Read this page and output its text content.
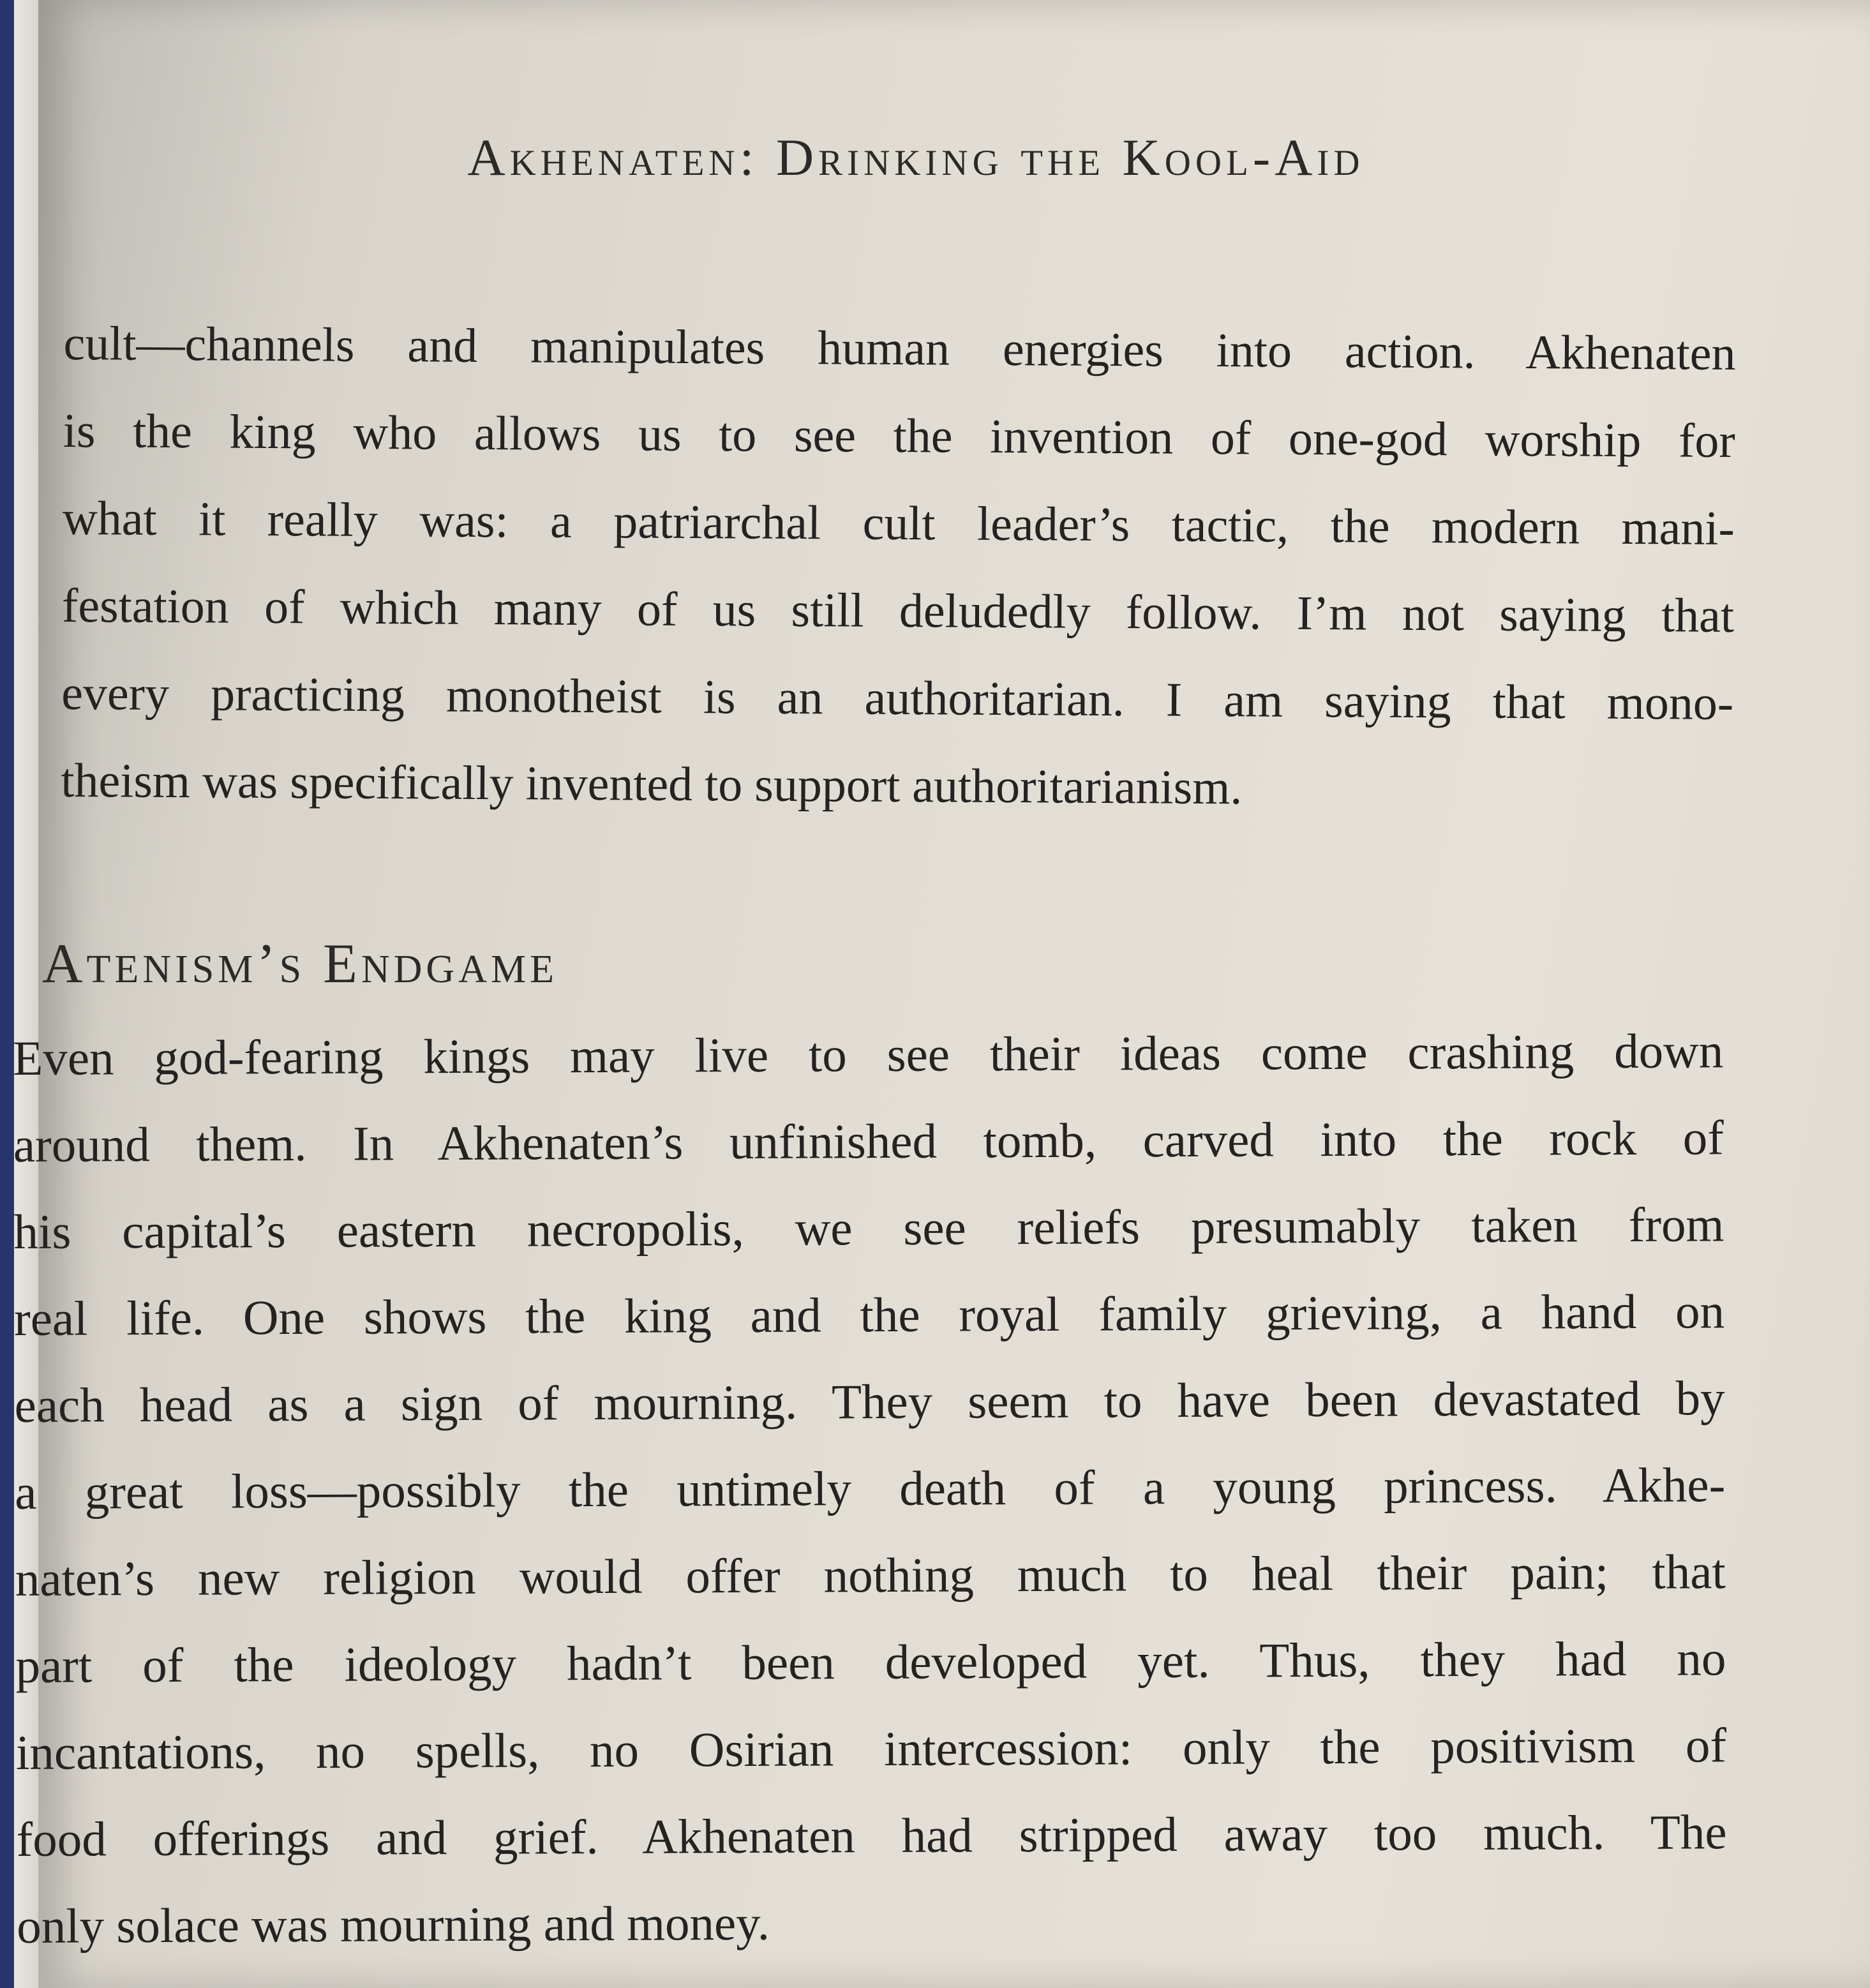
Akhenaten: Drinking the Kool-Aid
cult—channels and manipulates human energies into action. Akhenaten
is the king who allows us to see the invention of one-god worship for
what it really was: a patriarchal cult leader’s tactic, the modern mani-
festation of which many of us still deludedly follow. I’m not saying that
every practicing monotheist is an authoritarian. I am saying that mono-
theism was specifically invented to support authoritarianism.
Atenism’s Endgame
Even god-fearing kings may live to see their ideas come crashing down
around them. In Akhenaten’s unfinished tomb, carved into the rock of
his capital’s eastern necropolis, we see reliefs presumably taken from
real life. One shows the king and the royal family grieving, a hand on
each head as a sign of mourning. They seem to have been devastated by
a great loss—possibly the untimely death of a young princess. Akhe-
naten’s new religion would offer nothing much to heal their pain; that
part of the ideology hadn’t been developed yet. Thus, they had no
incantations, no spells, no Osirian intercession: only the positivism of
food offerings and grief. Akhenaten had stripped away too much. The
only solace was mourning and money.
